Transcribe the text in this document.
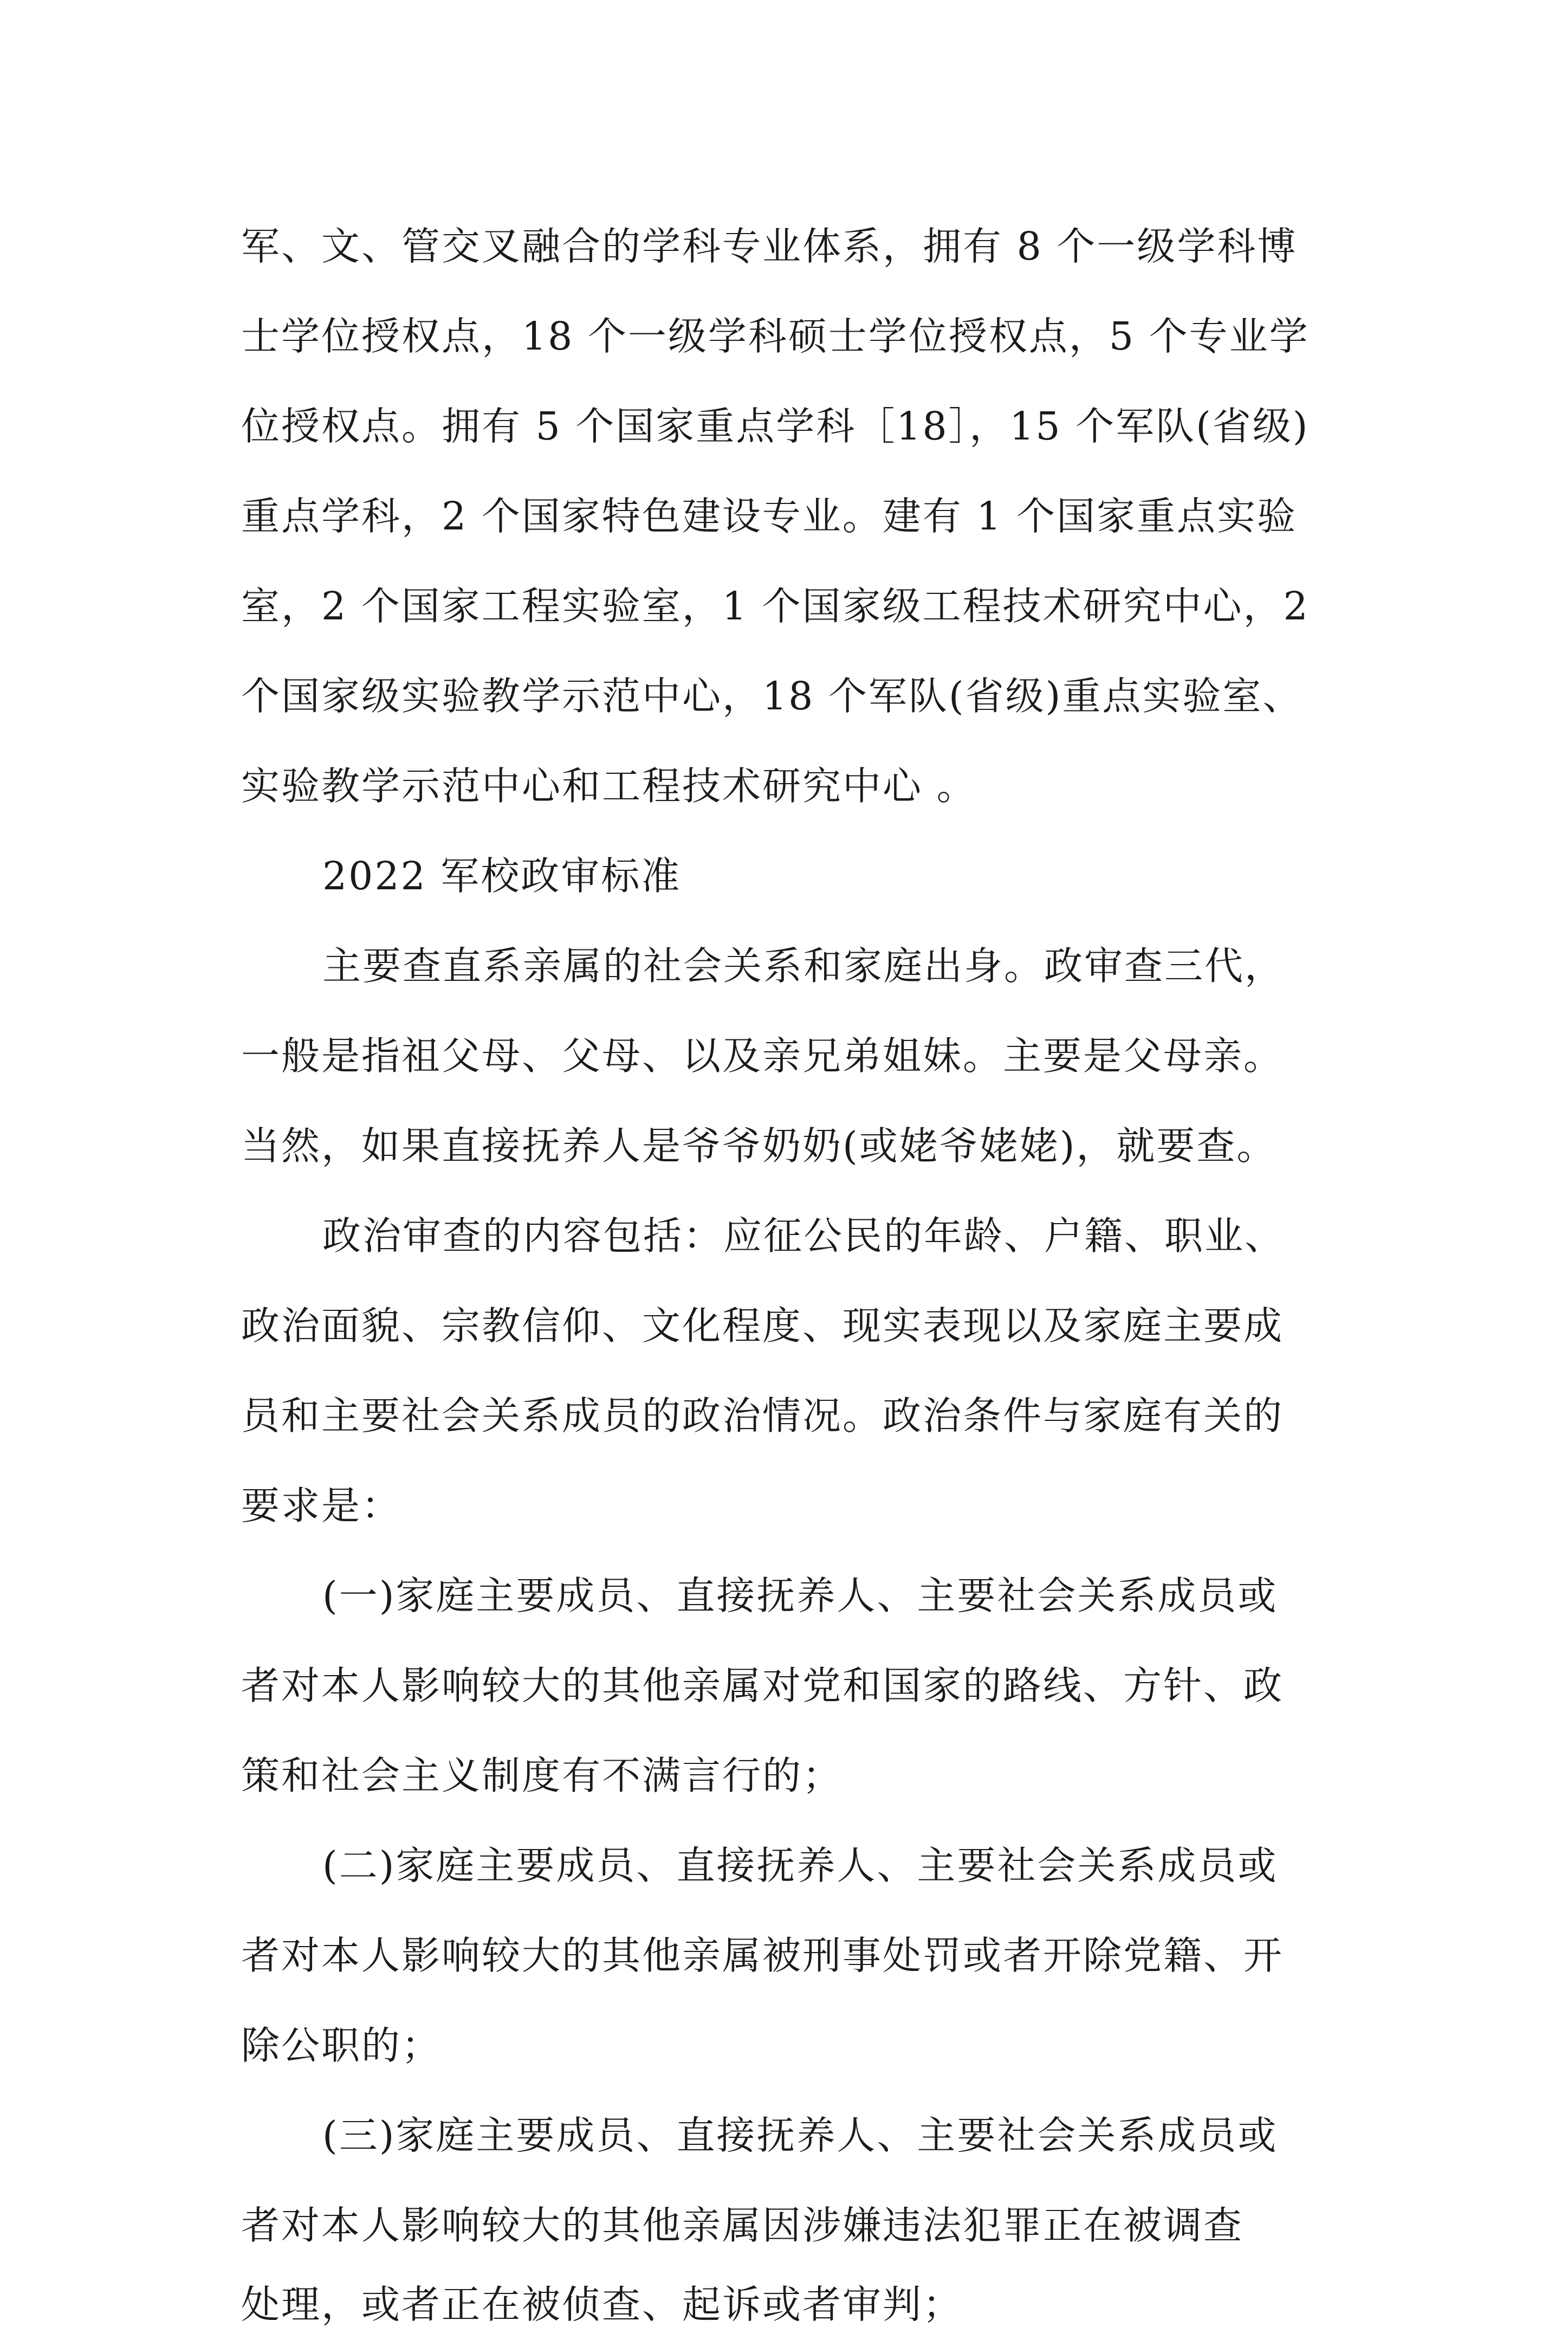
军、文、管交叉融合的学科专业体系，拥有 8 个一级学科博
士学位授权点，18 个一级学科硕士学位授权点，5 个专业学
位授权点。拥有 5 个国家重点学科［18］，15 个军队(省级)
重点学科，2 个国家特色建设专业。建有 1 个国家重点实验
室，2 个国家工程实验室，1 个国家级工程技术研究中心，2
个国家级实验教学示范中心，18 个军队(省级)重点实验室、
实验教学示范中心和工程技术研究中心 。
2022 军校政审标准
主要查直系亲属的社会关系和家庭出身。政审查三代，
一般是指祖父母、父母、以及亲兄弟姐妹。主要是父母亲。
当然，如果直接抚养人是爷爷奶奶(或姥爷姥姥)，就要查。
政治审查的内容包括：应征公民的年龄、户籍、职业、
政治面貌、宗教信仰、文化程度、现实表现以及家庭主要成
员和主要社会关系成员的政治情况。政治条件与家庭有关的
要求是：
(一)家庭主要成员、直接抚养人、主要社会关系成员或
者对本人影响较大的其他亲属对党和国家的路线、方针、政
策和社会主义制度有不满言行的；
(二)家庭主要成员、直接抚养人、主要社会关系成员或
者对本人影响较大的其他亲属被刑事处罚或者开除党籍、开
除公职的；
(三)家庭主要成员、直接抚养人、主要社会关系成员或
者对本人影响较大的其他亲属因涉嫌违法犯罪正在被调查
处理，或者正在被侦查、起诉或者审判；
